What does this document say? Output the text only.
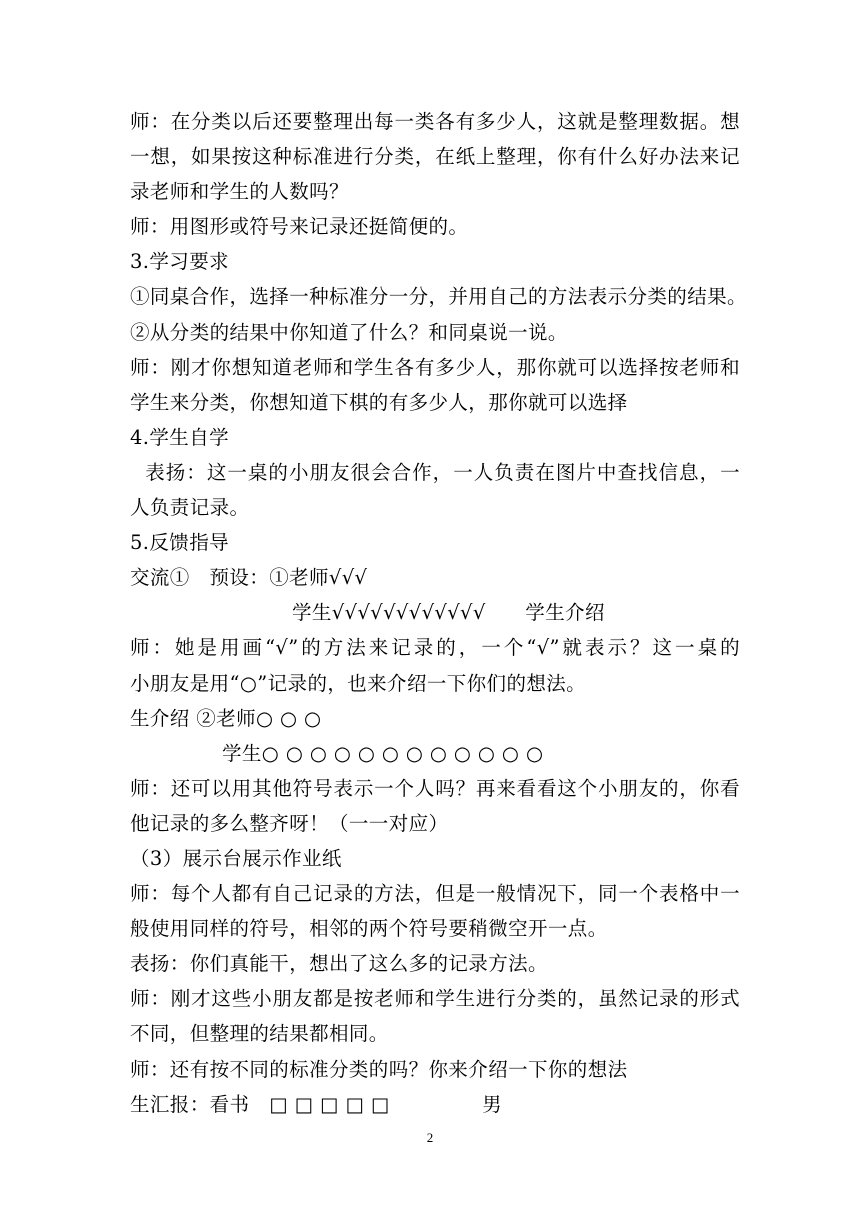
师：在分类以后还要整理出每一类各有多少人，这就是整理数据。想
一想，如果按这种标准进行分类，在纸上整理，你有什么好办法来记
录老师和学生的人数吗？
师：用图形或符号来记录还挺简便的。
3.学习要求
①同桌合作，选择一种标准分一分，并用自己的方法表示分类的结果。
②从分类的结果中你知道了什么？和同桌说一说。
师：刚才你想知道老师和学生各有多少人，那你就可以选择按老师和
学生来分类，你想知道下棋的有多少人，那你就可以选择
4.学生自学
表扬：这一桌的小朋友很会合作，一人负责在图片中查找信息，一
人负责记录。
5.反馈指导
交流①   预设：①老师√√√
学生√√√√√√√√√√√√      学生介绍
师：她是用画“√”的方法来记录的，一个“√”就表示？这一桌的
小朋友是用“○”记录的，也来介绍一下你们的想法。
生介绍 ②老师○ ○ ○
学生○ ○ ○ ○ ○ ○ ○ ○ ○ ○ ○ ○
师：还可以用其他符号表示一个人吗？再来看看这个小朋友的，你看
他记录的多么整齐呀！（一一对应）
（3）展示台展示作业纸
师：每个人都有自己记录的方法，但是一般情况下，同一个表格中一
般使用同样的符号，相邻的两个符号要稍微空开一点。
表扬：你们真能干，想出了这么多的记录方法。
师：刚才这些小朋友都是按老师和学生进行分类的，虽然记录的形式
不同，但整理的结果都相同。
师：还有按不同的标准分类的吗？你来介绍一下你的想法
生汇报：看书   □ □ □ □ □              男
2
